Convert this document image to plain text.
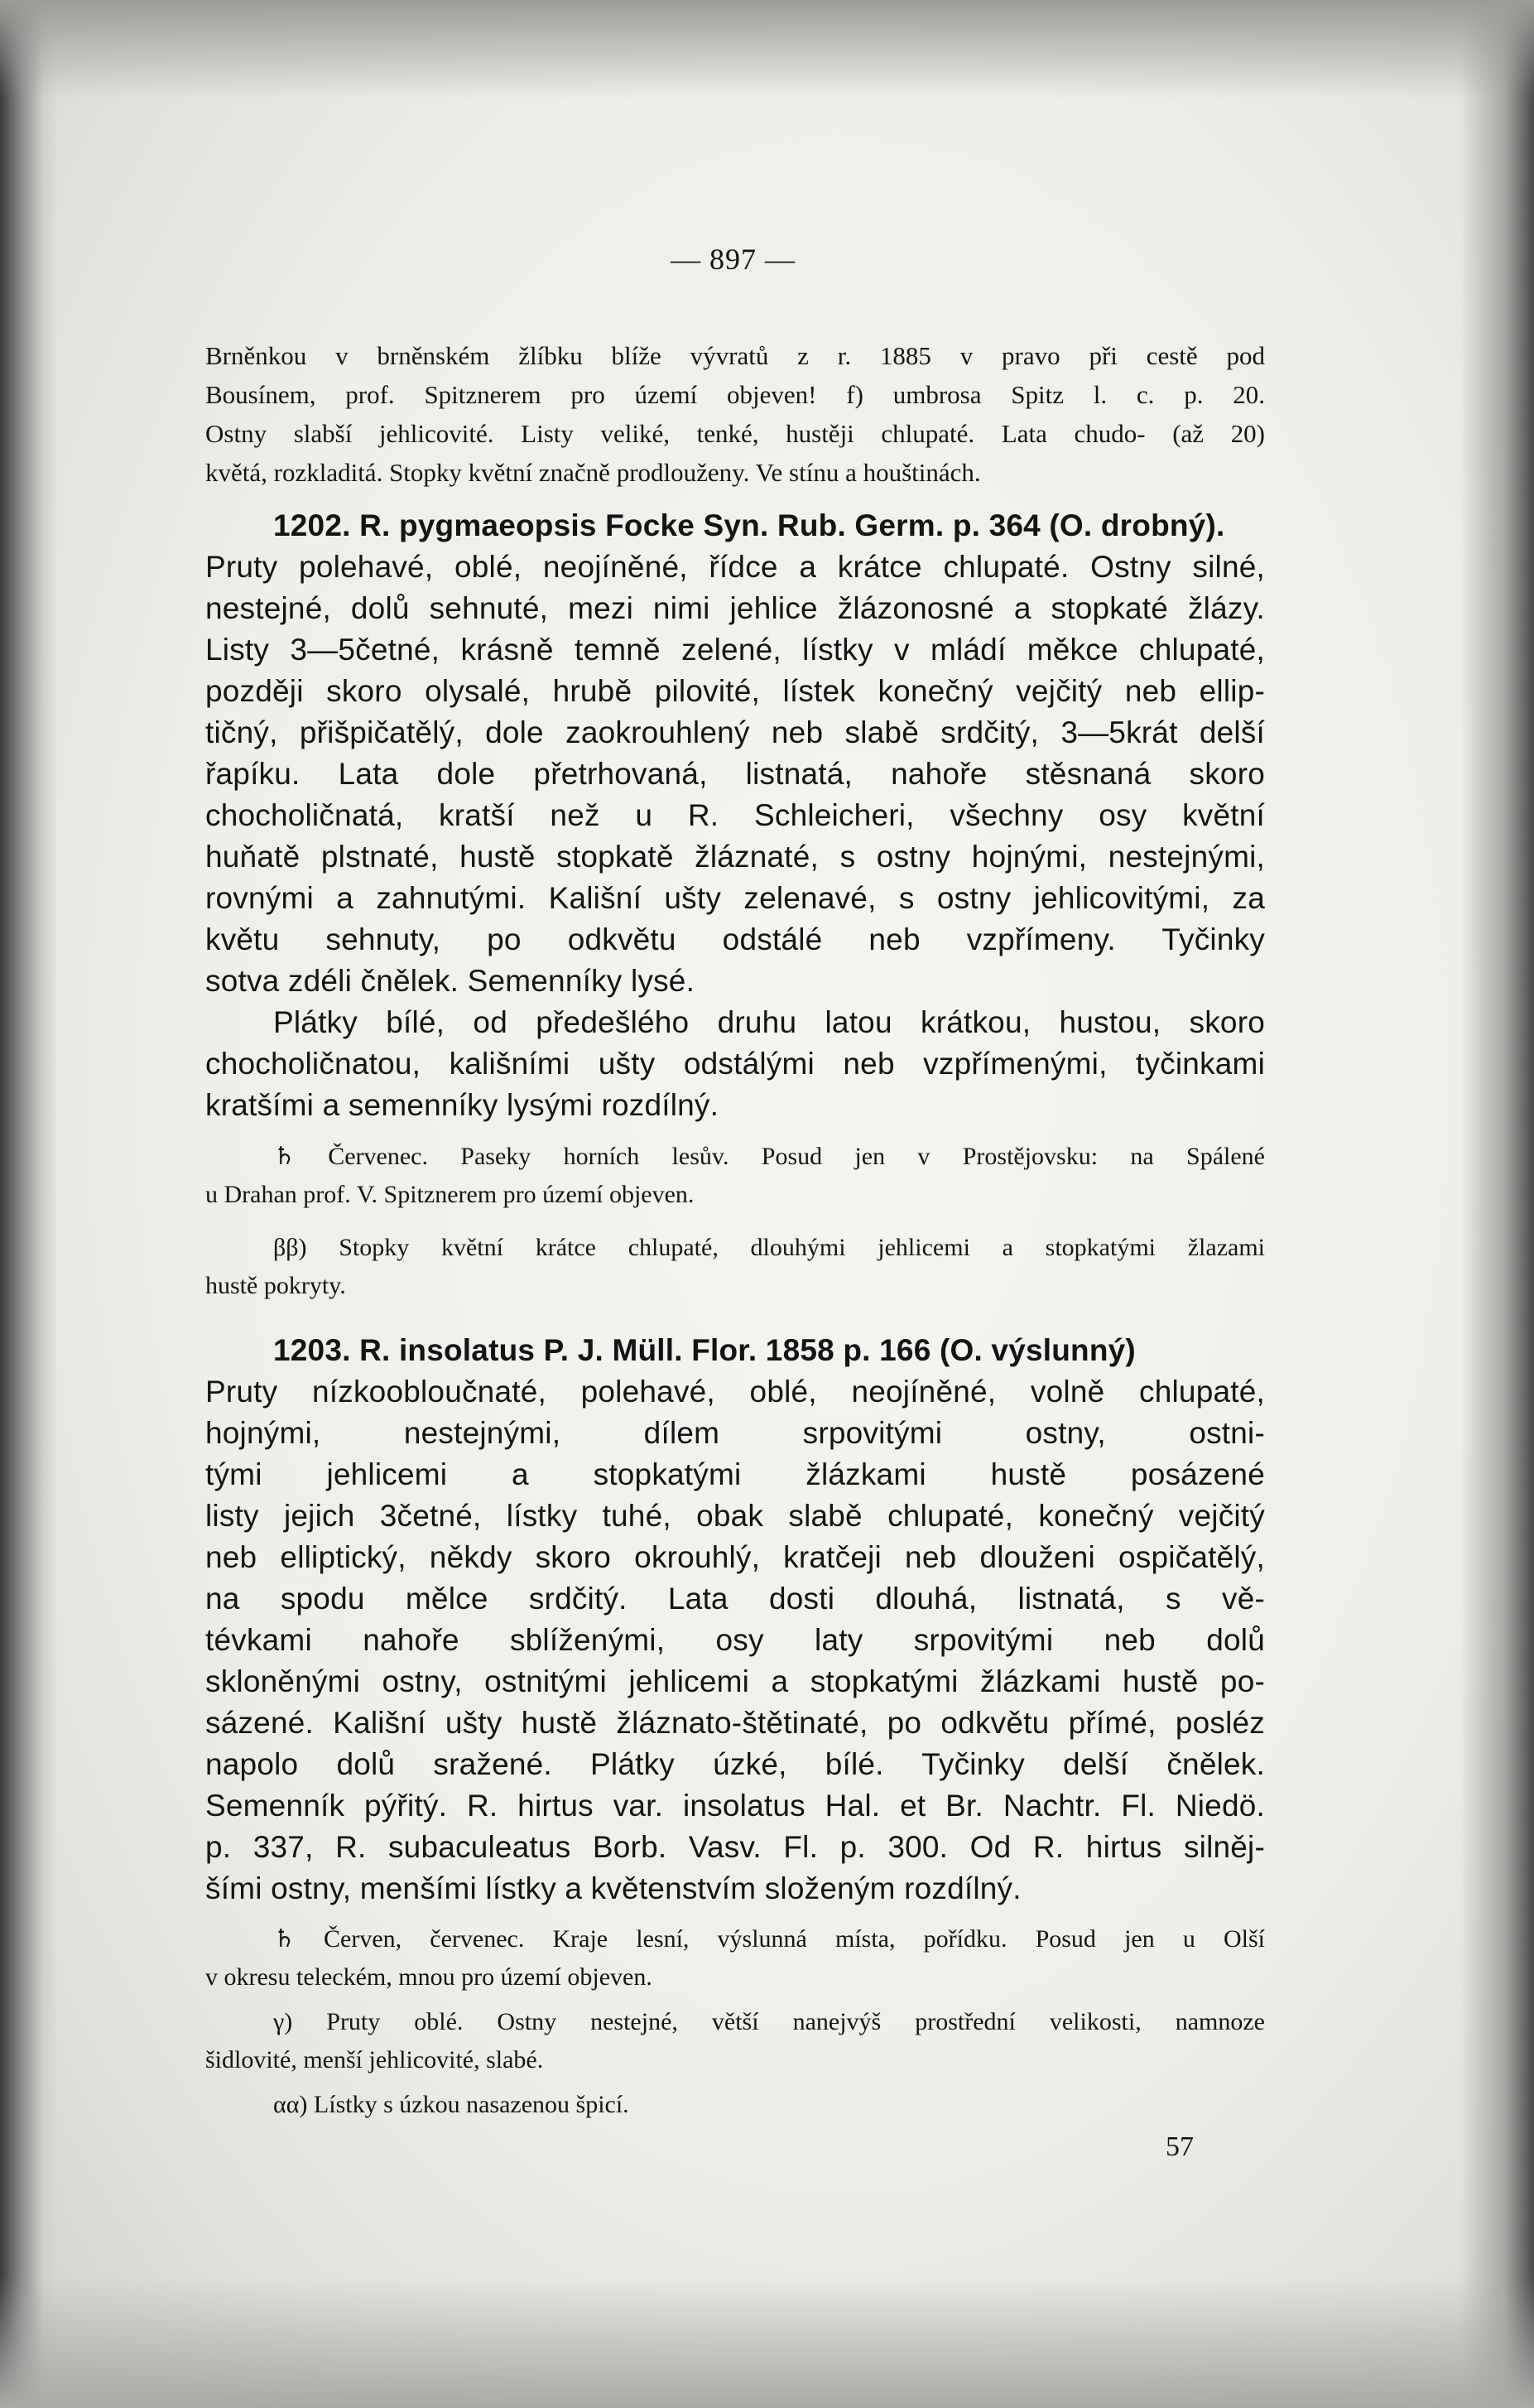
— 897 —
Brněnkou v brněnském žlíbku blíže vývratů z r. 1885 v pravo při cestě pod
Bousínem, prof. Spitznerem pro území objeven! f) umbrosa Spitz l. c. p. 20.
Ostny slabší jehlicovité. Listy veliké, tenké, hustěji chlupaté. Lata chudo- (až 20)
květá, rozkladitá. Stopky květní značně prodlouženy. Ve stínu a houštinách.
1202. R. pygmaeopsis Focke Syn. Rub. Germ. p. 364 (O. drobný).
Pruty polehavé, oblé, neojíněné, řídce a krátce chlupaté. Ostny silné,
nestejné, dolů sehnuté, mezi nimi jehlice žlázonosné a stopkaté žlázy.
Listy 3—5četné, krásně temně zelené, lístky v mládí měkce chlupaté,
později skoro olysalé, hrubě pilovité, lístek konečný vejčitý neb ellip-
tičný, přišpičatělý, dole zaokrouhlený neb slabě srdčitý, 3—5krát delší
řapíku. Lata dole přetrhovaná, listnatá, nahoře stěsnaná skoro
chocholičnatá, kratší než u R. Schleicheri, všechny osy květní
huňatě plstnaté, hustě stopkatě žláznaté, s ostny hojnými, nestejnými,
rovnými a zahnutými. Kališní ušty zelenavé, s ostny jehlicovitými, za
květu sehnuty, po odkvětu odstálé neb vzpřímeny. Tyčinky
sotva zdéli čnělek. Semenníky lysé.
Plátky bílé, od předešlého druhu latou krátkou, hustou, skoro
chocholičnatou, kališními ušty odstálými neb vzpřímenými, tyčinkami
kratšími a semenníky lysými rozdílný.
♄ Červenec. Paseky horních lesův. Posud jen v Prostějovsku: na Spálené
u Drahan prof. V. Spitznerem pro území objeven.
ββ) Stopky květní krátce chlupaté, dlouhými jehlicemi a stopkatými žlazami
hustě pokryty.
1203. R. insolatus P. J. Müll. Flor. 1858 p. 166 (O. výslunný)
Pruty nízkoobloučnaté, polehavé, oblé, neojíněné, volně chlupaté,
hojnými, nestejnými, dílem srpovitými ostny, ostni-
tými jehlicemi a stopkatými žlázkami hustě posázené
listy jejich 3četné, lístky tuhé, obak slabě chlupaté, konečný vejčitý
neb elliptický, někdy skoro okrouhlý, kratčeji neb dlouženi ospičatělý,
na spodu mělce srdčitý. Lata dosti dlouhá, listnatá, s vě-
tévkami nahoře sblíženými, osy laty srpovitými neb dolů
skloněnými ostny, ostnitými jehlicemi a stopkatými žlázkami hustě po-
sázené. Kališní ušty hustě žláznato-štětinaté, po odkvětu přímé, posléz
napolo dolů sražené. Plátky úzké, bílé. Tyčinky delší čnělek.
Semenník pýřitý. R. hirtus var. insolatus Hal. et Br. Nachtr. Fl. Niedö.
p. 337, R. subaculeatus Borb. Vasv. Fl. p. 300. Od R. hirtus silněj-
šími ostny, menšími lístky a květenstvím složeným rozdílný.
♄ Červen, červenec. Kraje lesní, výslunná místa, pořídku. Posud jen u Olší
v okresu teleckém, mnou pro území objeven.
γ) Pruty oblé. Ostny nestejné, větší nanejvýš prostřední velikosti, namnoze
šidlovité, menší jehlicovité, slabé.
αα) Lístky s úzkou nasazenou špicí.
57
